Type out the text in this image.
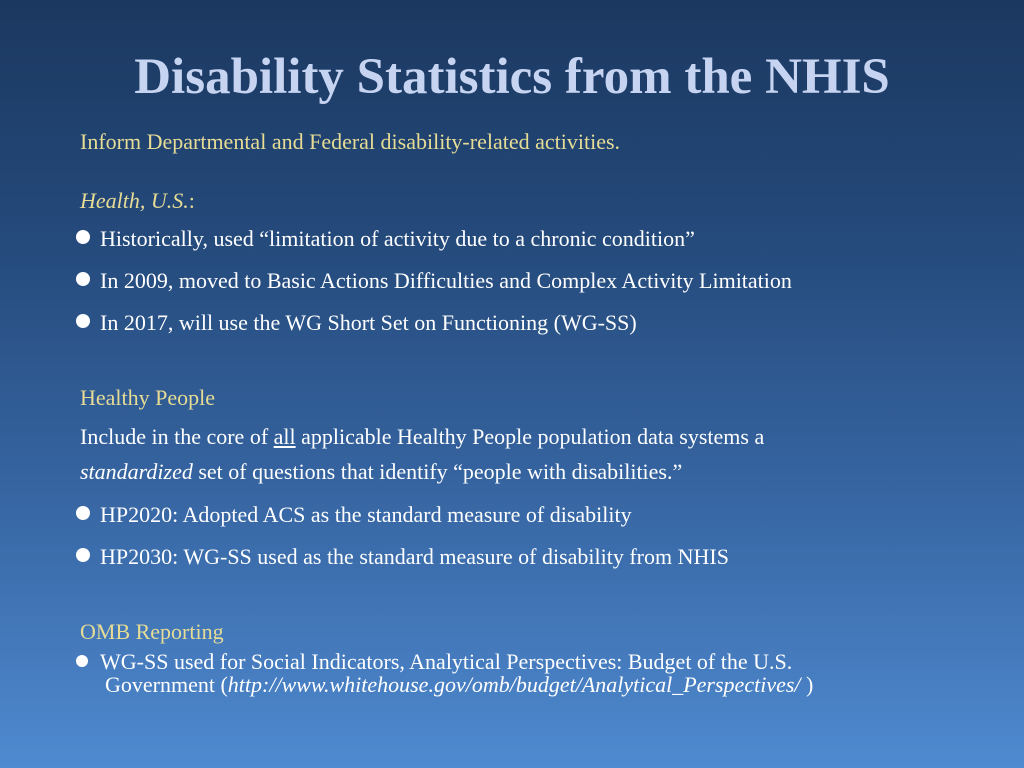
Disability Statistics from the NHIS
Inform Departmental and Federal disability-related activities.
Health, U.S.:
Historically, used “limitation of activity due to a chronic condition”
In 2009, moved to Basic Actions Difficulties and Complex Activity Limitation
In 2017, will use the WG Short Set on Functioning (WG-SS)
Healthy People
Include in the core of all applicable Healthy People population data systems a
standardized set of questions that identify “people with disabilities.”
HP2020: Adopted ACS as the standard measure of disability
HP2030: WG-SS used as the standard measure of disability from NHIS
OMB Reporting
WG-SS used for Social Indicators, Analytical Perspectives: Budget of the U.S.
Government (http://www.whitehouse.gov/omb/budget/Analytical_Perspectives/ )
